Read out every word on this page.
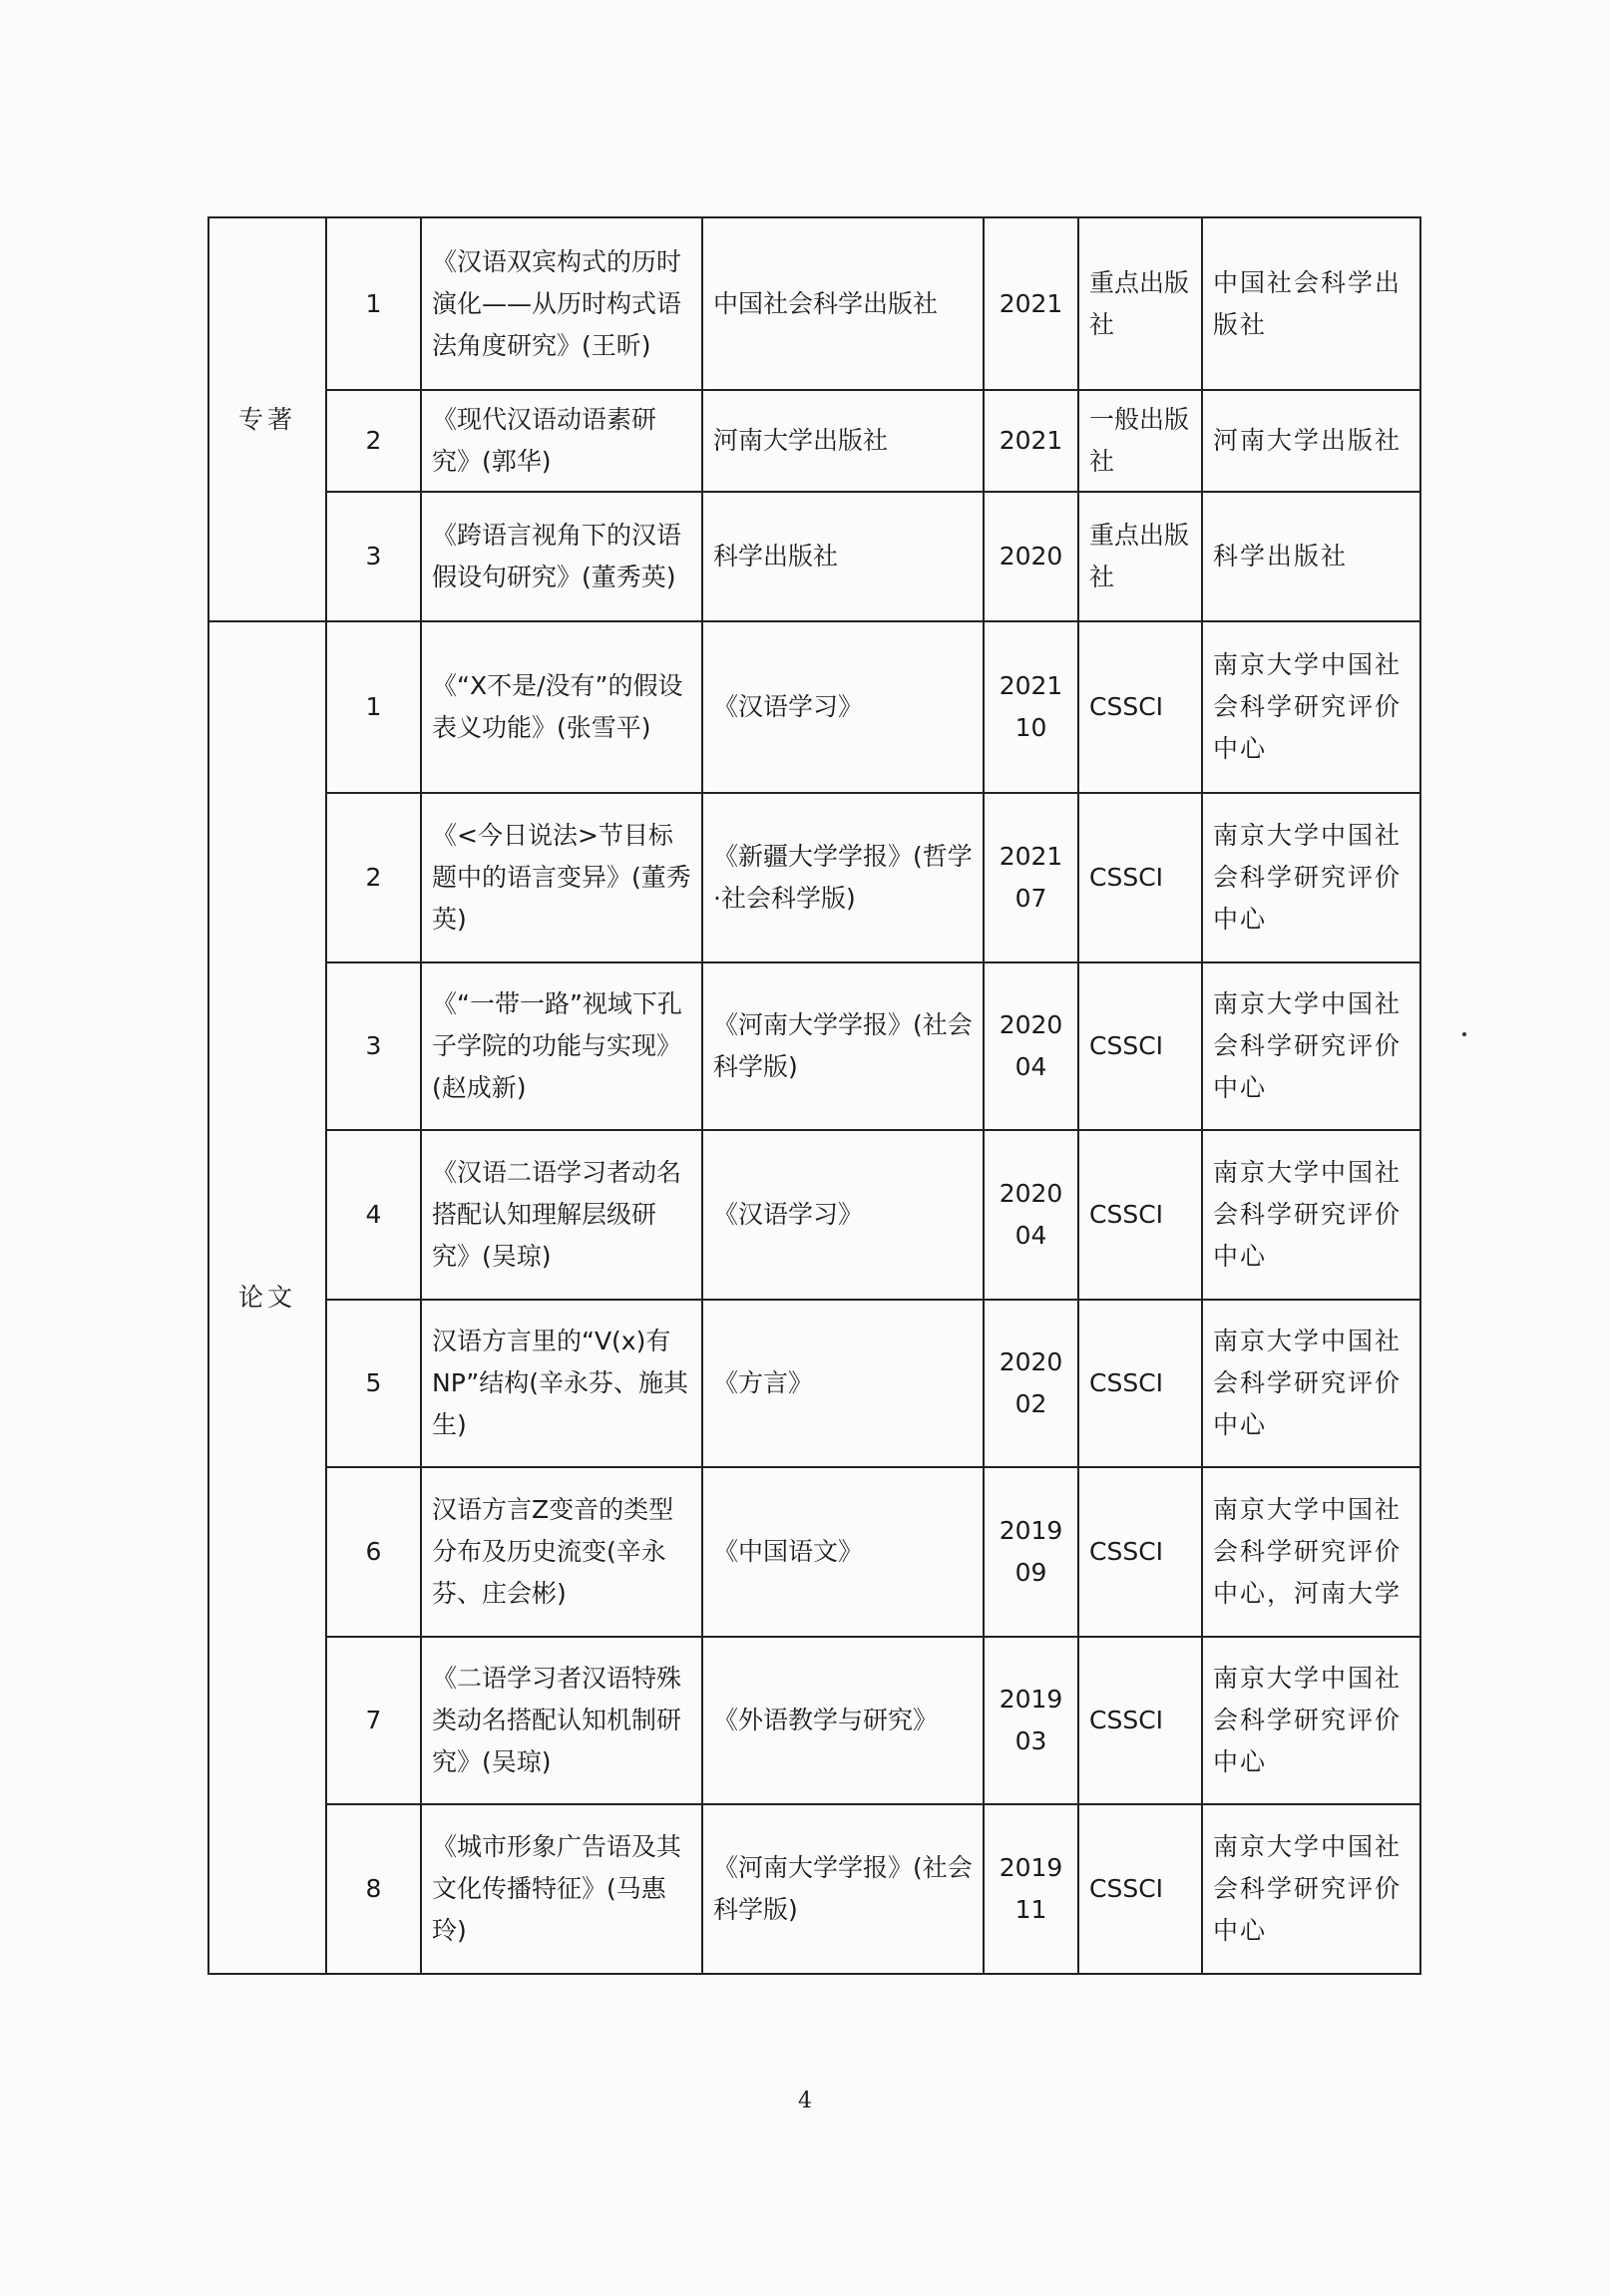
专著	1	《汉语双宾构式的历时演化——从历时构式语法角度研究》(王昕)	中国社会科学出版社	2021	重点出版社	中国社会科学出版社
	2	《现代汉语动语素研究》(郭华)	河南大学出版社	2021	一般出版社	河南大学出版社
	3	《跨语言视角下的汉语假设句研究》(董秀英)	科学出版社	2020	重点出版社	科学出版社
论文	1	《“X不是/没有”的假设表义功能》(张雪平)	《汉语学习》	2021 10	CSSCI	南京大学中国社会科学研究评价中心
	2	《<今日说法>节目标题中的语言变异》(董秀英)	《新疆大学学报》(哲学·社会科学版)	2021 07	CSSCI	南京大学中国社会科学研究评价中心
	3	《“一带一路”视域下孔子学院的功能与实现》(赵成新)	《河南大学学报》(社会科学版)	2020 04	CSSCI	南京大学中国社会科学研究评价中心
	4	《汉语二语学习者动名搭配认知理解层级研究》(吴琼)	《汉语学习》	2020 04	CSSCI	南京大学中国社会科学研究评价中心
	5	汉语方言里的“V(x)有NP”结构(辛永芬、施其生)	《方言》	2020 02	CSSCI	南京大学中国社会科学研究评价中心
	6	汉语方言Z变音的类型分布及历史流变(辛永芬、庄会彬)	《中国语文》	2019 09	CSSCI	南京大学中国社会科学研究评价中心，河南大学
	7	《二语学习者汉语特殊类动名搭配认知机制研究》(吴琼)	《外语教学与研究》	2019 03	CSSCI	南京大学中国社会科学研究评价中心
	8	《城市形象广告语及其文化传播特征》(马惠玲)	《河南大学学报》(社会科学版)	2019 11	CSSCI	南京大学中国社会科学研究评价中心
4
